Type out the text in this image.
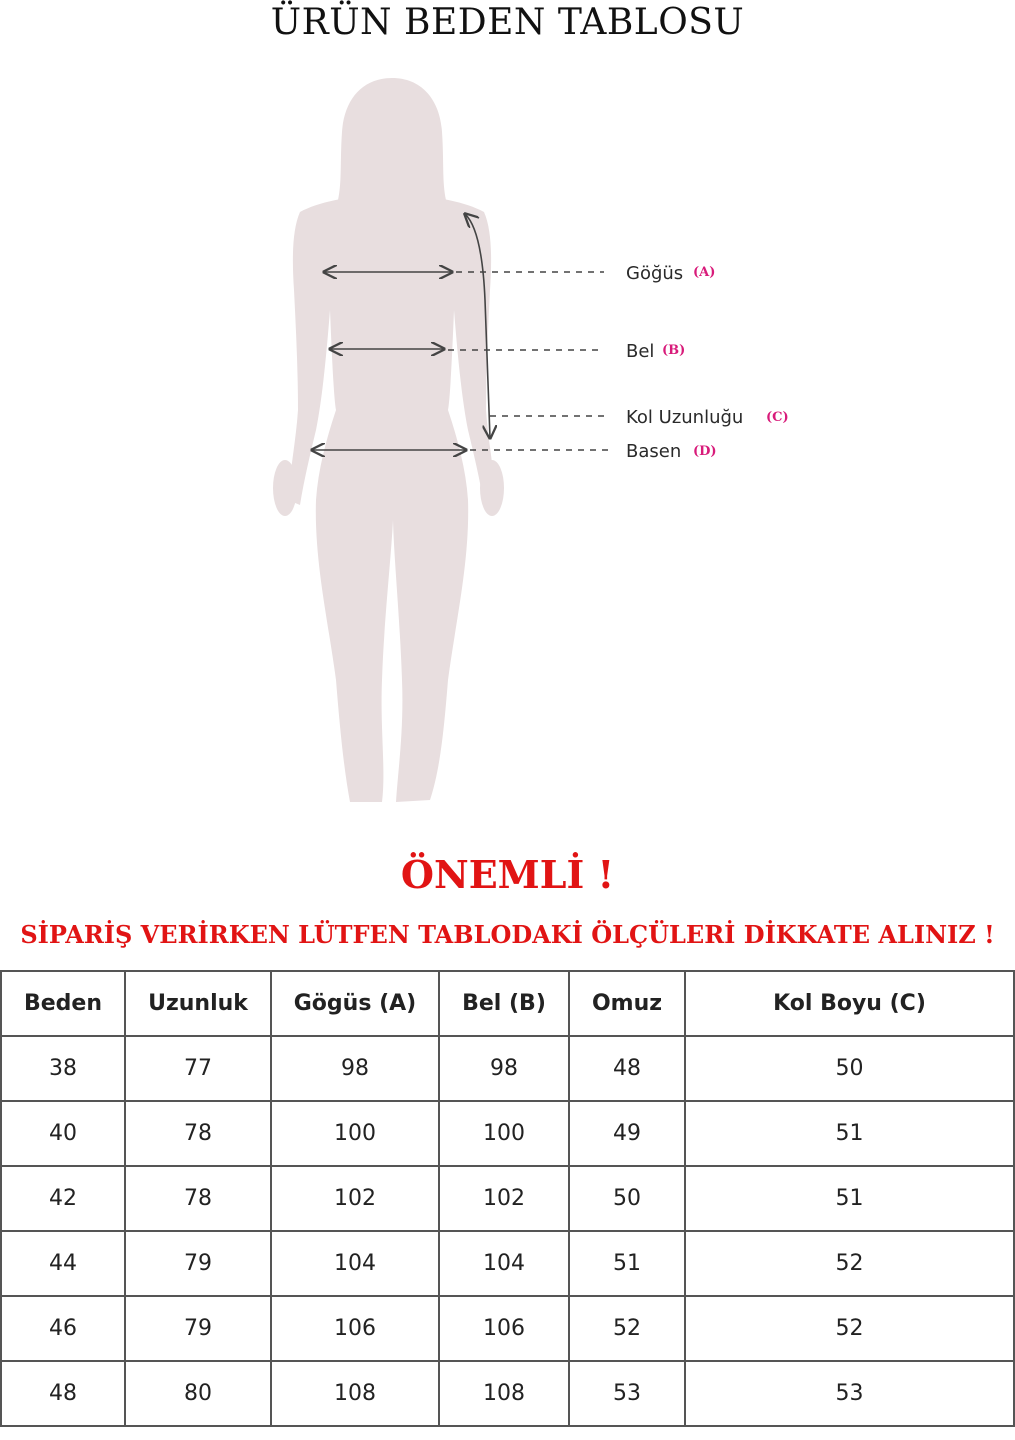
ÜRÜN BEDEN TABLOSU
Göğüs (A)
Bel (B)
Kol Uzunluğu (C)
Basen (D)
ÖNEMLİ !
SİPARİŞ VERİRKEN LÜTFEN TABLODAKİ ÖLÇÜLERİ DİKKATE ALINIZ !
Beden	Uzunluk	Gögüs (A)	Bel (B)	Omuz	Kol Boyu (C)
38	77	98	98	48	50
40	78	100	100	49	51
42	78	102	102	50	51
44	79	104	104	51	52
46	79	106	106	52	52
48	80	108	108	53	53
